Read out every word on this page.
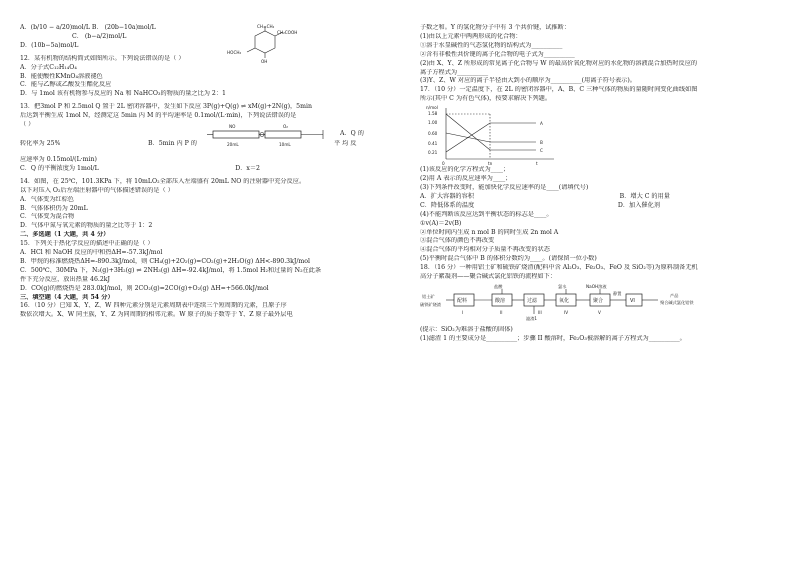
A．(b/10 − a/20)mol/L B． (20b−10a)mol/L
C． (b−a/2)mol/L
D．(10b−5a)mol/L
CH=CH₂
CH₂COOH
HOCH₂
OH
12．某有机物的结构简式如图所示。下列说法错误的是（ ）
A．分子式C₁₂H₁₄O₄
B．能使酸性KMnO₄溶液褪色
C．能与乙醇或乙酸发生酯化反应
D．与 1mol 该有机物参与反应的 Na 和 NaHCO₃的物质的量之比为 2：1
13．把3mol P 和 2.5mol Q 置于 2L 密闭容器中，发生如下反应 3P(g)+Q(g) ⇌ xM(g)+2N(g)，5min
后达到平衡生成 1mol N，经测定这 5min 内 M 的平均速率是 0.1mol/(L·min)，下列说法错误的是
（ ）	NO	O₂
20mL	10mL
A．Q 的
转化率为 25%	B．5min 内 P 的	平 均 反
应速率为 0.15mol/(L·min)
C．Q 的平衡浓度为 1mol/L	D．x＝2
14．如图，在 25℃，101.3KPa 下，将 10mLO₂全部压入左端盛有 20mL NO 的注射器中充分反应。
以下对压入 O₂后左端注射器中的气体描述错误的是（ ）
A．气体变为红棕色
B．气体体积仍为 20mL
C．气体变为混合物
D．气体中氮与氧元素的物质的量之比等于 1：2
二、多选题（1 大题，共 4 分）
15．下列关于热化学反应的描述中正确的是（ ）
A．HCl 和 NaOH 反应的中和热ΔH=-57.3kJ/mol
B．甲烷的标准燃烧热ΔH=-890.3kJ/mol，则 CH₄(g)+2O₂(g)=CO₂(g)+2H₂O(g) ΔH<-890.3kJ/mol
C．500℃、30MPa 下，N₂(g)+3H₂(g) ⇌ 2NH₃(g) ΔH=-92.4kJ/mol，将 1.5mol H₂和过量的 N₂在此条
件下充分反应，放出热量 46.2kJ
D．CO(g)的燃烧热是 283.0kJ/mol，则 2CO₂(g)=2CO(g)+O₂(g) ΔH=+566.0kJ/mol
三、填空题（4 大题，共 54 分）
16．（10 分）已知 X、Y、Z、W 四种元素分别是元素周期表中连续三个短周期的元素，且原子序
数依次增大。X、W 同主族，Y、Z 为同周期的相邻元素。W 原子的质子数等于 Y、Z 原子最外层电
子数之和。Y 的氢化物分子中有 3 个共价键，试推断：
(1)由以上元素中两两形成的化合物：
①溶于水显碱性的气态氢化物的结构式为__________
②含有非极性共价键的离子化合物的电子式为__________
(2)由 X、Y、Z 所形成的常见离子化合物与 W 的最高价氧化物对应的水化物的溶液混合加热时反应的
离子方程式为__________
(3)Y、Z、W 对应的离子半径由大到小的顺序为__________(用离子符号表示)。
17．（10 分）一定温度下，在 2L 的密闭容器中，A、B、C 三种气体的物质的量随时间变化曲线如图
所示(其中 C 为有色气体)，按要求解决下列题。
n/mol
1.58
1.00
0.60
0.41
0.21
0	tn	t
A
B
C
(1)该反应的化学方程式为____；
(2)用 A 表示的反应速率为____；
(3)下列条件改变时，能加快化学反应速率的是____(请填代号)
A．扩大容器的容积	B．增大 C 的用量
C．降低体系的温度	D．加入催化剂
(4)不能判断该反应达到平衡状态的标志是____。
①v(A)＝2v(B)
②单位时间内生成 n mol B 的同时生成 2n mol A
③混合气体的颜色不再改变
④混合气体的平均相对分子质量不再改变的状态
(5)平衡时混合气体中 B 的体积分数约为____。(请保留一位小数)
18．（16 分）一种用铝土矿和硫铁矿烧渣(配料中含 Al₂O₃、Fe₂O₃、FeO 及 SiO₂等)为原料制备无机
高分子絮凝剂——聚合碱式氯化铝铁的流程如下：
铝土矿
硫铁矿烧渣
配料	酸溶
盐酸
过滤
滤渣1
氧化
氯水
聚合
NaOH溶液
静置
VI
产品
聚合碱式氯化铝铁
I	II	III	IV	V
(提示：SiO₂为难溶于盐酸的固体)
(1)滤渣 1 的主要成分是__________；步骤 II 酸溶时，Fe₂O₃被溶解的离子方程式为__________。
